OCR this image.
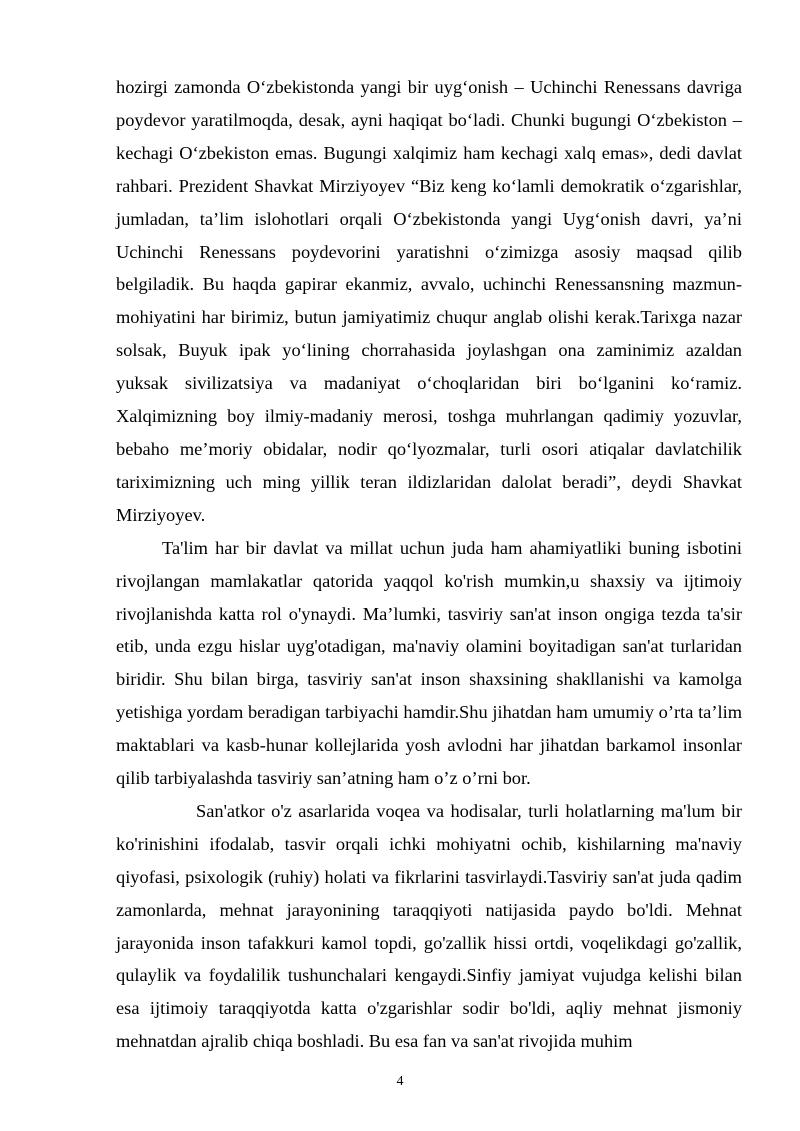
hozirgi zamonda O‘zbekistonda yangi bir uyg‘onish – Uchinchi Renessans davriga poydevor yaratilmoqda, desak, ayni haqiqat bo‘ladi. Chunki bugungi O‘zbekiston – kechagi O‘zbekiston emas. Bugungi xalqimiz ham kechagi xalq emas», dedi davlat rahbari. Prezident Shavkat Mirziyoyev “Biz keng ko‘lamli demokratik o‘zgarishlar, jumladan, ta’lim islohotlari orqali O‘zbekistonda yangi Uyg‘onish davri, ya’ni Uchinchi Renessans poydevorini yaratishni o‘zimizga asosiy maqsad qilib belgiladik. Bu haqda gapirar ekanmiz, avvalo, uchinchi Renessansning mazmun-mohiyatini har birimiz, butun jamiyatimiz chuqur anglab olishi kerak.Tarixga nazar solsak, Buyuk ipak yo‘lining chorrahasida joylashgan ona zaminimiz azaldan yuksak sivilizatsiya va madaniyat o‘choqlaridan biri bo‘lganini ko‘ramiz. Xalqimizning boy ilmiy-madaniy merosi, toshga muhrlangan qadimiy yozuvlar, bebaho me’moriy obidalar, nodir qo‘lyozmalar, turli osori atiqalar davlatchilik tariximizning uch ming yillik teran ildizlaridan dalolat beradi”, deydi Shavkat Mirziyoyev.

Ta'lim har bir davlat va millat uchun juda ham ahamiyatliki buning isbotini rivojlangan mamlakatlar qatorida yaqqol ko'rish mumkin,u shaxsiy va ijtimoiy rivojlanishda katta rol o'ynaydi. Ma’lumki, tasviriy san'at inson ongiga tezda ta'sir etib, unda ezgu hislar uyg'otadigan, ma'naviy olamini boyitadigan san'at turlaridan biridir. Shu bilan birga, tasviriy san'at inson shaxsining shakllanishi va kamolga yetishiga yordam beradigan tarbiyachi hamdir.Shu jihatdan ham umumiy o’rta ta’lim maktablari va kasb-hunar kollejlarida yosh avlodni har jihatdan barkamol insonlar qilib tarbiyalashda tasviriy san’atning ham o’z o’rni bor.

San'atkor o'z asarlarida voqea va hodisalar, turli holatlarning ma'lum bir ko'rinishini ifodalab, tasvir orqali ichki mohiyatni ochib, kishilarning ma'naviy qiyofasi, psixologik (ruhiy) holati va fikrlarini tasvirlaydi.Tasviriy san'at juda qadim zamonlarda, mehnat jarayonining taraqqiyoti natijasida paydo bo'ldi. Mehnat jarayonida inson tafakkuri kamol topdi, go'zallik hissi ortdi, voqelikdagi go'zallik, qulaylik va foydalilik tushunchalari kengaydi.Sinfiy jamiyat vujudga kelishi bilan esa ijtimoiy taraqqiyotda katta o'zgarishlar sodir bo'ldi, aqliy mehnat jismoniy mehnatdan ajralib chiqa boshladi. Bu esa fan va san'at rivojida muhim

4
